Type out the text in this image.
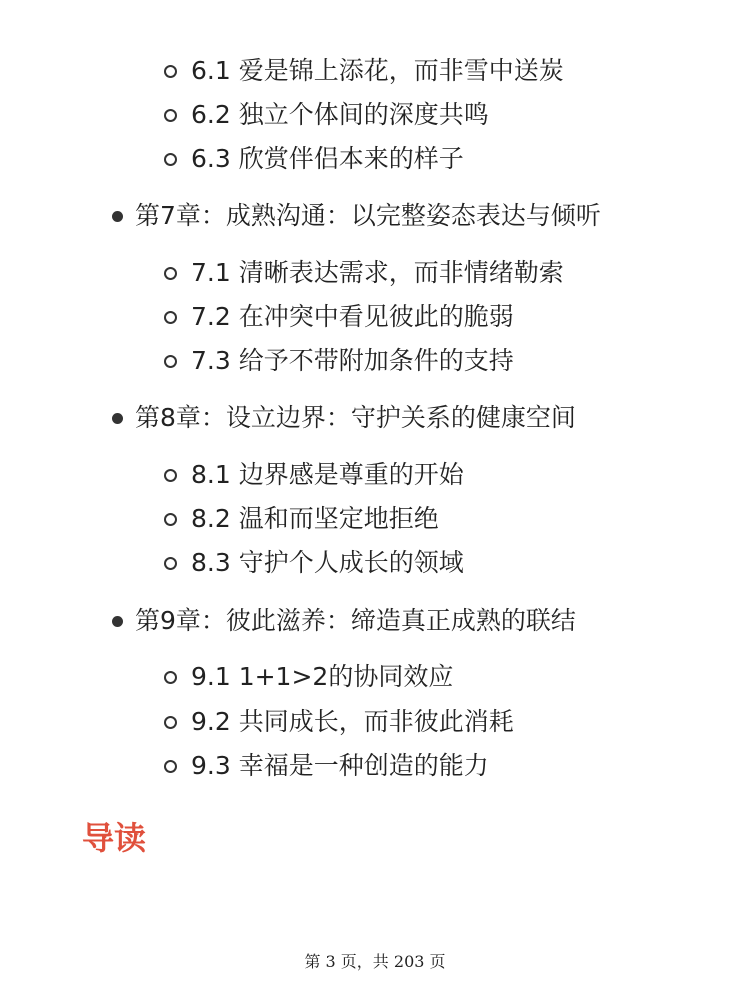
6.1 爱是锦上添花，而非雪中送炭
6.2 独立个体间的深度共鸣
6.3 欣赏伴侣本来的样子
第7章：成熟沟通：以完整姿态表达与倾听
7.1 清晰表达需求，而非情绪勒索
7.2 在冲突中看见彼此的脆弱
7.3 给予不带附加条件的支持
第8章：设立边界：守护关系的健康空间
8.1 边界感是尊重的开始
8.2 温和而坚定地拒绝
8.3 守护个人成长的领域
第9章：彼此滋养：缔造真正成熟的联结
9.1 1+1>2的协同效应
9.2 共同成长，而非彼此消耗
9.3 幸福是一种创造的能力
导读
第 3 页，共 203 页
